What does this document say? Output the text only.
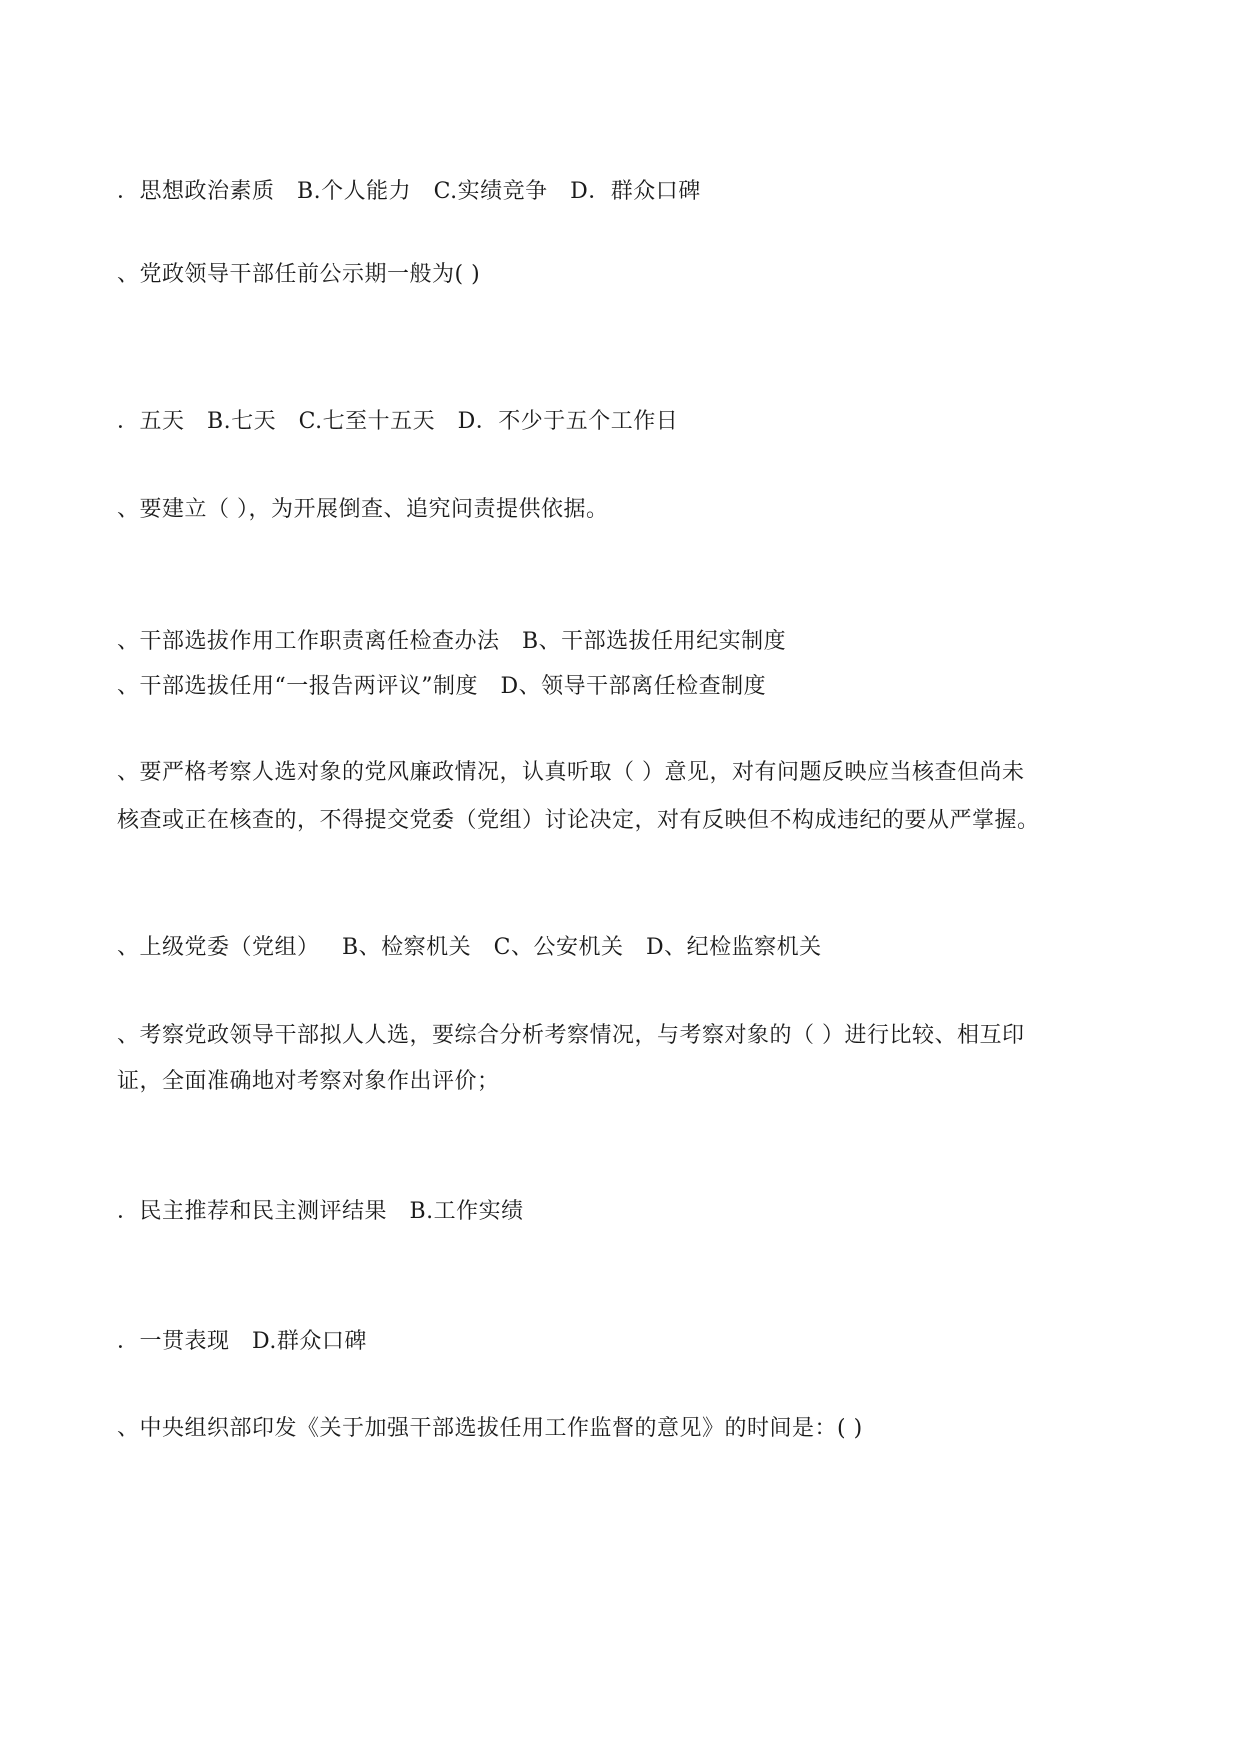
．思想政治素质   B.个人能力   C.实绩竞争   D．群众口碑
、党政领导干部任前公示期一般为( )
．五天   B.七天   C.七至十五天   D．不少于五个工作日
、要建立（ ），为开展倒查、追究问责提供依据。
、干部选拔作用工作职责离任检查办法   B、干部选拔任用纪实制度
、干部选拔任用“一报告两评议”制度   D、领导干部离任检查制度
、要严格考察人选对象的党风廉政情况，认真听取（ ）意见，对有问题反映应当核查但尚未
核查或正在核查的，不得提交党委（党组）讨论决定，对有反映但不构成违纪的要从严掌握。
、上级党委（党组）   B、检察机关   C、公安机关   D、纪检监察机关
、考察党政领导干部拟人人选，要综合分析考察情况，与考察对象的（ ）进行比较、相互印
证，全面准确地对考察对象作出评价；
．民主推荐和民主测评结果   B.工作实绩
．一贯表现   D.群众口碑
、中央组织部印发《关于加强干部选拔任用工作监督的意见》的时间是：( )
